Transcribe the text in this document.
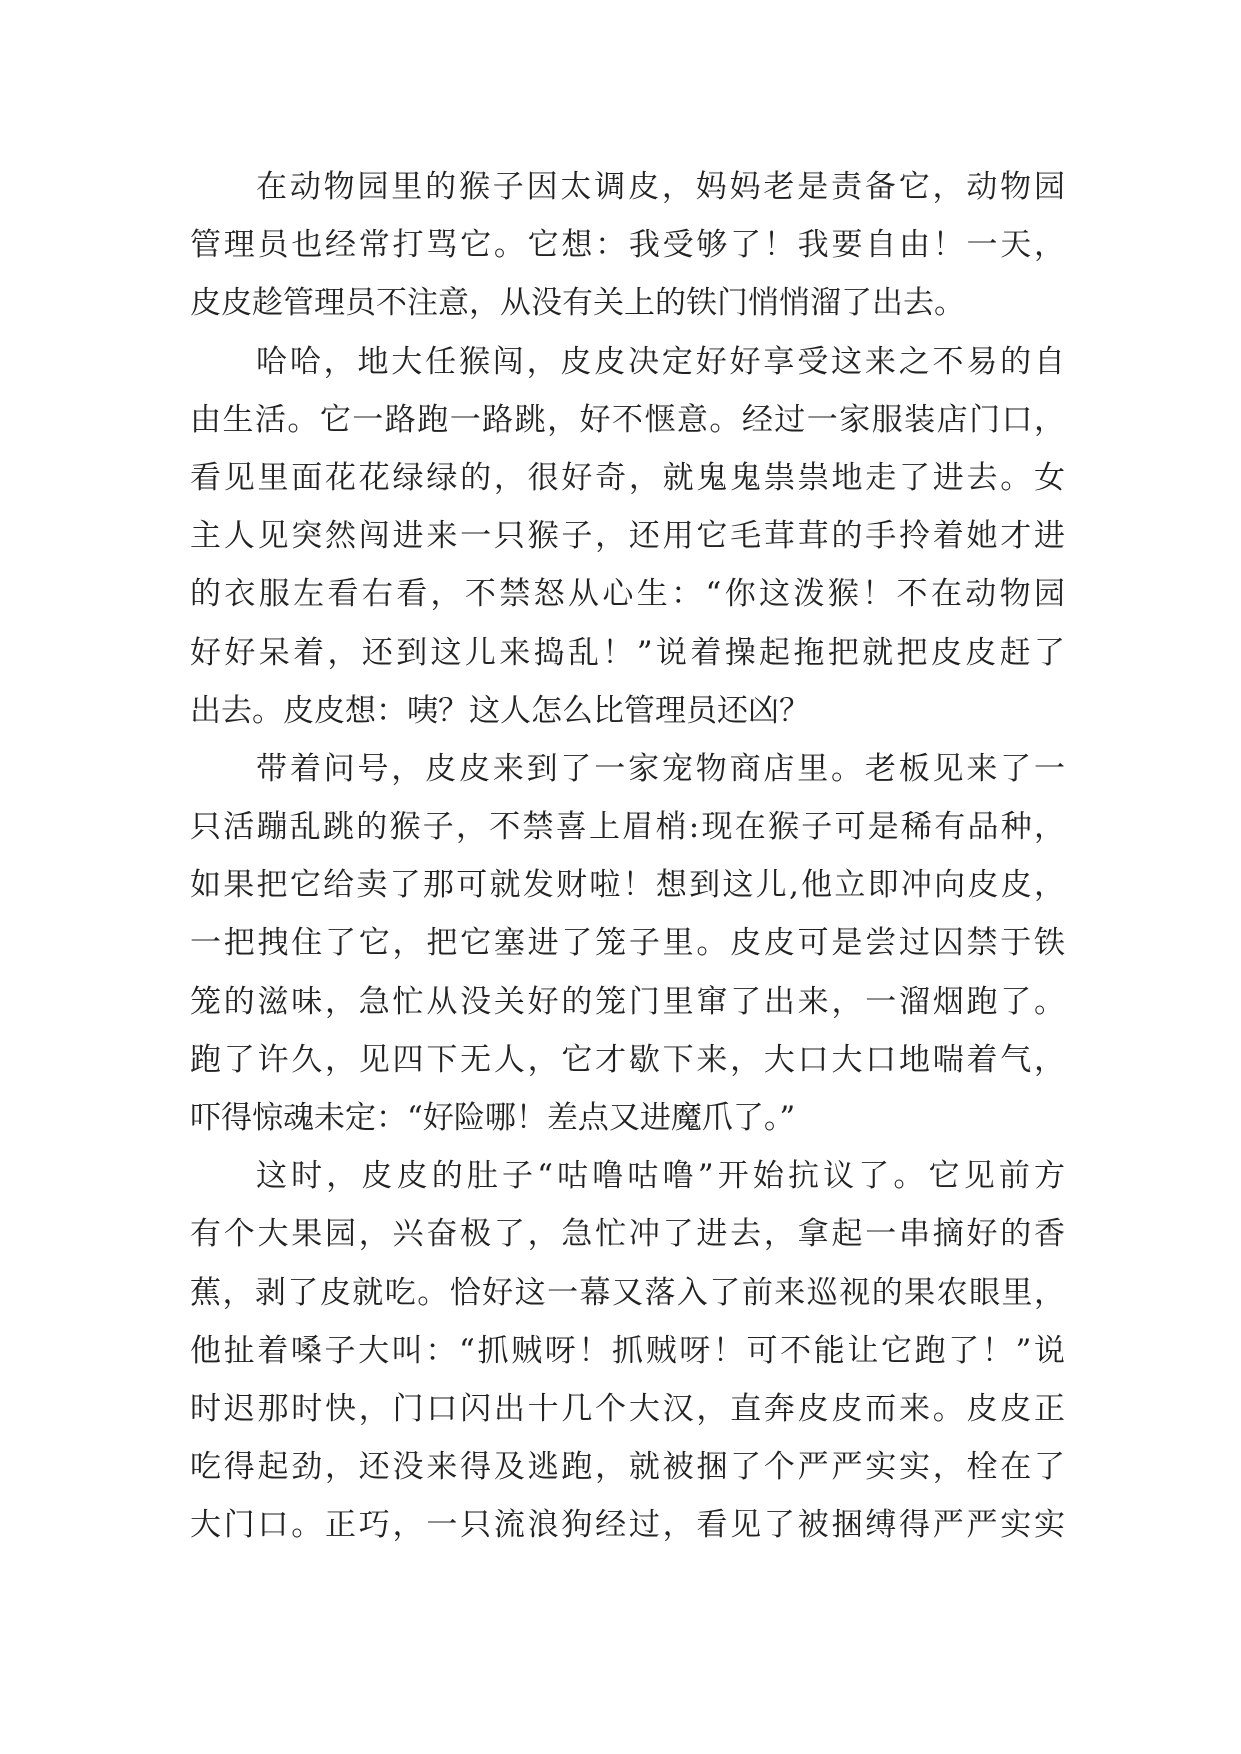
在动物园里的猴子因太调皮，妈妈老是责备它，动物园
管理员也经常打骂它。它想：我受够了！我要自由！一天，
皮皮趁管理员不注意，从没有关上的铁门悄悄溜了出去。
哈哈，地大任猴闯，皮皮决定好好享受这来之不易的自
由生活。它一路跑一路跳，好不惬意。经过一家服装店门口，
看见里面花花绿绿的，很好奇，就鬼鬼祟祟地走了进去。女
主人见突然闯进来一只猴子，还用它毛茸茸的手拎着她才进
的衣服左看右看，不禁怒从心生：“你这泼猴！不在动物园
好好呆着，还到这儿来捣乱！”说着操起拖把就把皮皮赶了
出去。皮皮想：咦？这人怎么比管理员还凶？
带着问号，皮皮来到了一家宠物商店里。老板见来了一
只活蹦乱跳的猴子，不禁喜上眉梢:现在猴子可是稀有品种，
如果把它给卖了那可就发财啦！想到这儿,他立即冲向皮皮，
一把拽住了它，把它塞进了笼子里。皮皮可是尝过囚禁于铁
笼的滋味，急忙从没关好的笼门里窜了出来，一溜烟跑了。
跑了许久，见四下无人，它才歇下来，大口大口地喘着气，
吓得惊魂未定：“好险哪！差点又进魔爪了。”
这时，皮皮的肚子“咕噜咕噜”开始抗议了。它见前方
有个大果园，兴奋极了，急忙冲了进去，拿起一串摘好的香
蕉，剥了皮就吃。恰好这一幕又落入了前来巡视的果农眼里，
他扯着嗓子大叫：“抓贼呀！抓贼呀！可不能让它跑了！”说
时迟那时快，门口闪出十几个大汉，直奔皮皮而来。皮皮正
吃得起劲，还没来得及逃跑，就被捆了个严严实实，栓在了
大门口。正巧，一只流浪狗经过，看见了被捆缚得严严实实
